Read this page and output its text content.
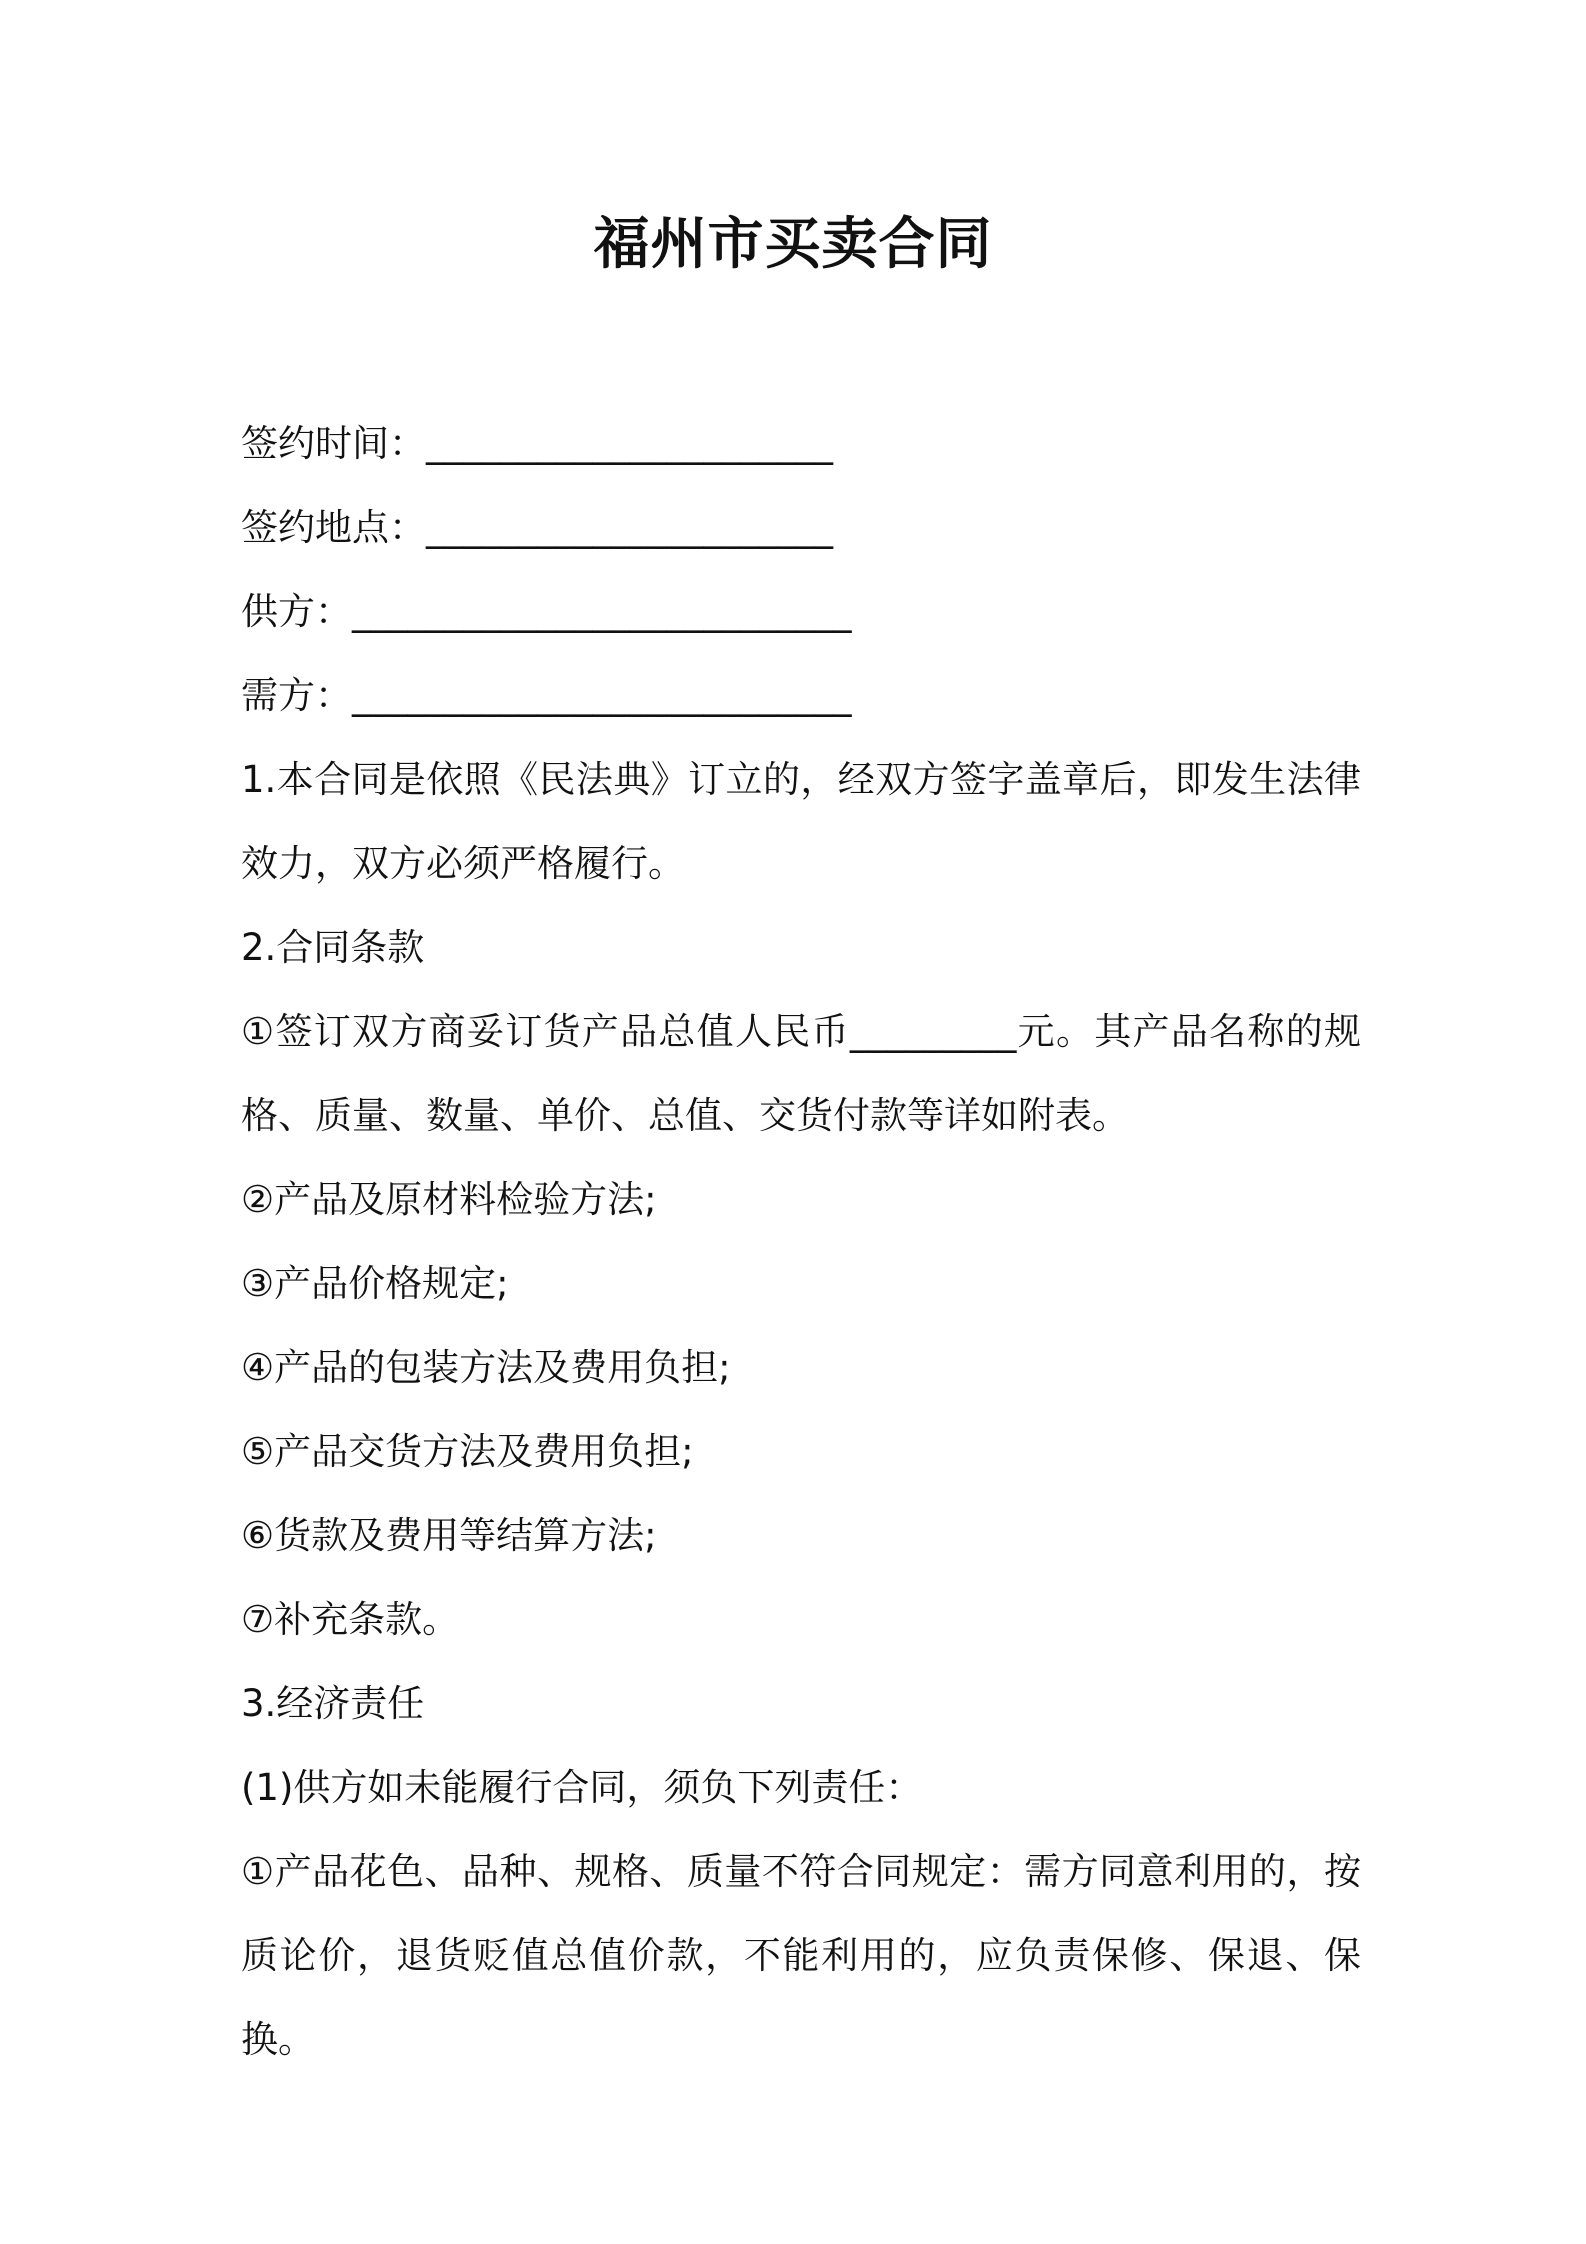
福州市买卖合同
签约时间：______________________
签约地点：______________________
供方：___________________________
需方：___________________________
1.本合同是依照《民法典》订立的，经双方签字盖章后，即发生法律效力，双方必须严格履行。
2.合同条款
①签订双方商妥订货产品总值人民币_________元。其产品名称的规格、质量、数量、单价、总值、交货付款等详如附表。
②产品及原材料检验方法;
③产品价格规定;
④产品的包装方法及费用负担;
⑤产品交货方法及费用负担;
⑥货款及费用等结算方法;
⑦补充条款。
3.经济责任
(1)供方如未能履行合同，须负下列责任：
①产品花色、品种、规格、质量不符合同规定：需方同意利用的，按质论价，退货贬值总值价款，不能利用的，应负责保修、保退、保换。
